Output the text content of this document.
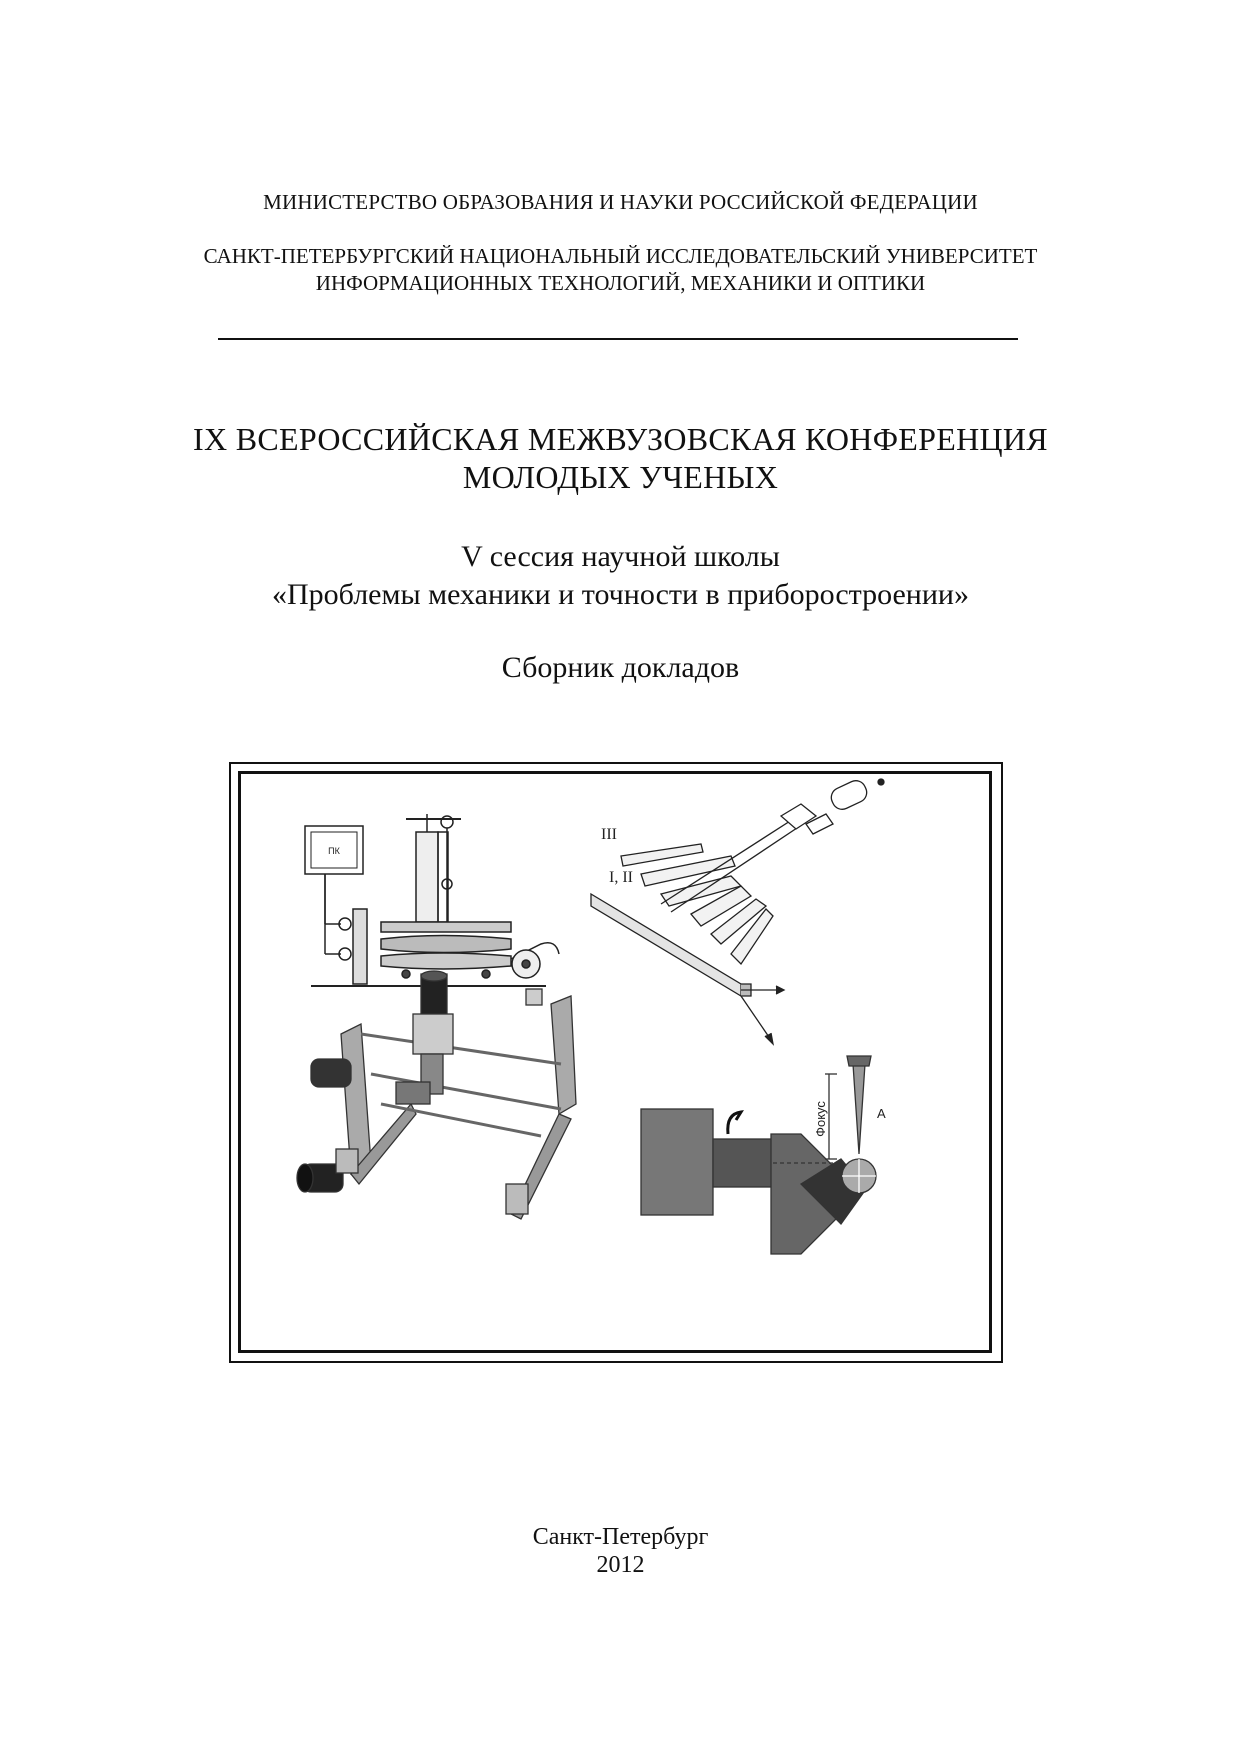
МИНИСТЕРСТВО ОБРАЗОВАНИЯ И НАУКИ РОССИЙСКОЙ ФЕДЕРАЦИИ
САНКТ-ПЕТЕРБУРГСКИЙ НАЦИОНАЛЬНЫЙ ИССЛЕДОВАТЕЛЬСКИЙ УНИВЕРСИТЕТ
ИНФОРМАЦИОННЫХ ТЕХНОЛОГИЙ, МЕХАНИКИ И ОПТИКИ
IX ВСЕРОССИЙСКАЯ МЕЖВУЗОВСКАЯ КОНФЕРЕНЦИЯ
МОЛОДЫХ УЧЕНЫХ
V сессия научной школы
«Проблемы механики и точности в приборостроении»
Сборник докладов
ПК
III
I, II
Фокус	А
Санкт-Петербург
2012
